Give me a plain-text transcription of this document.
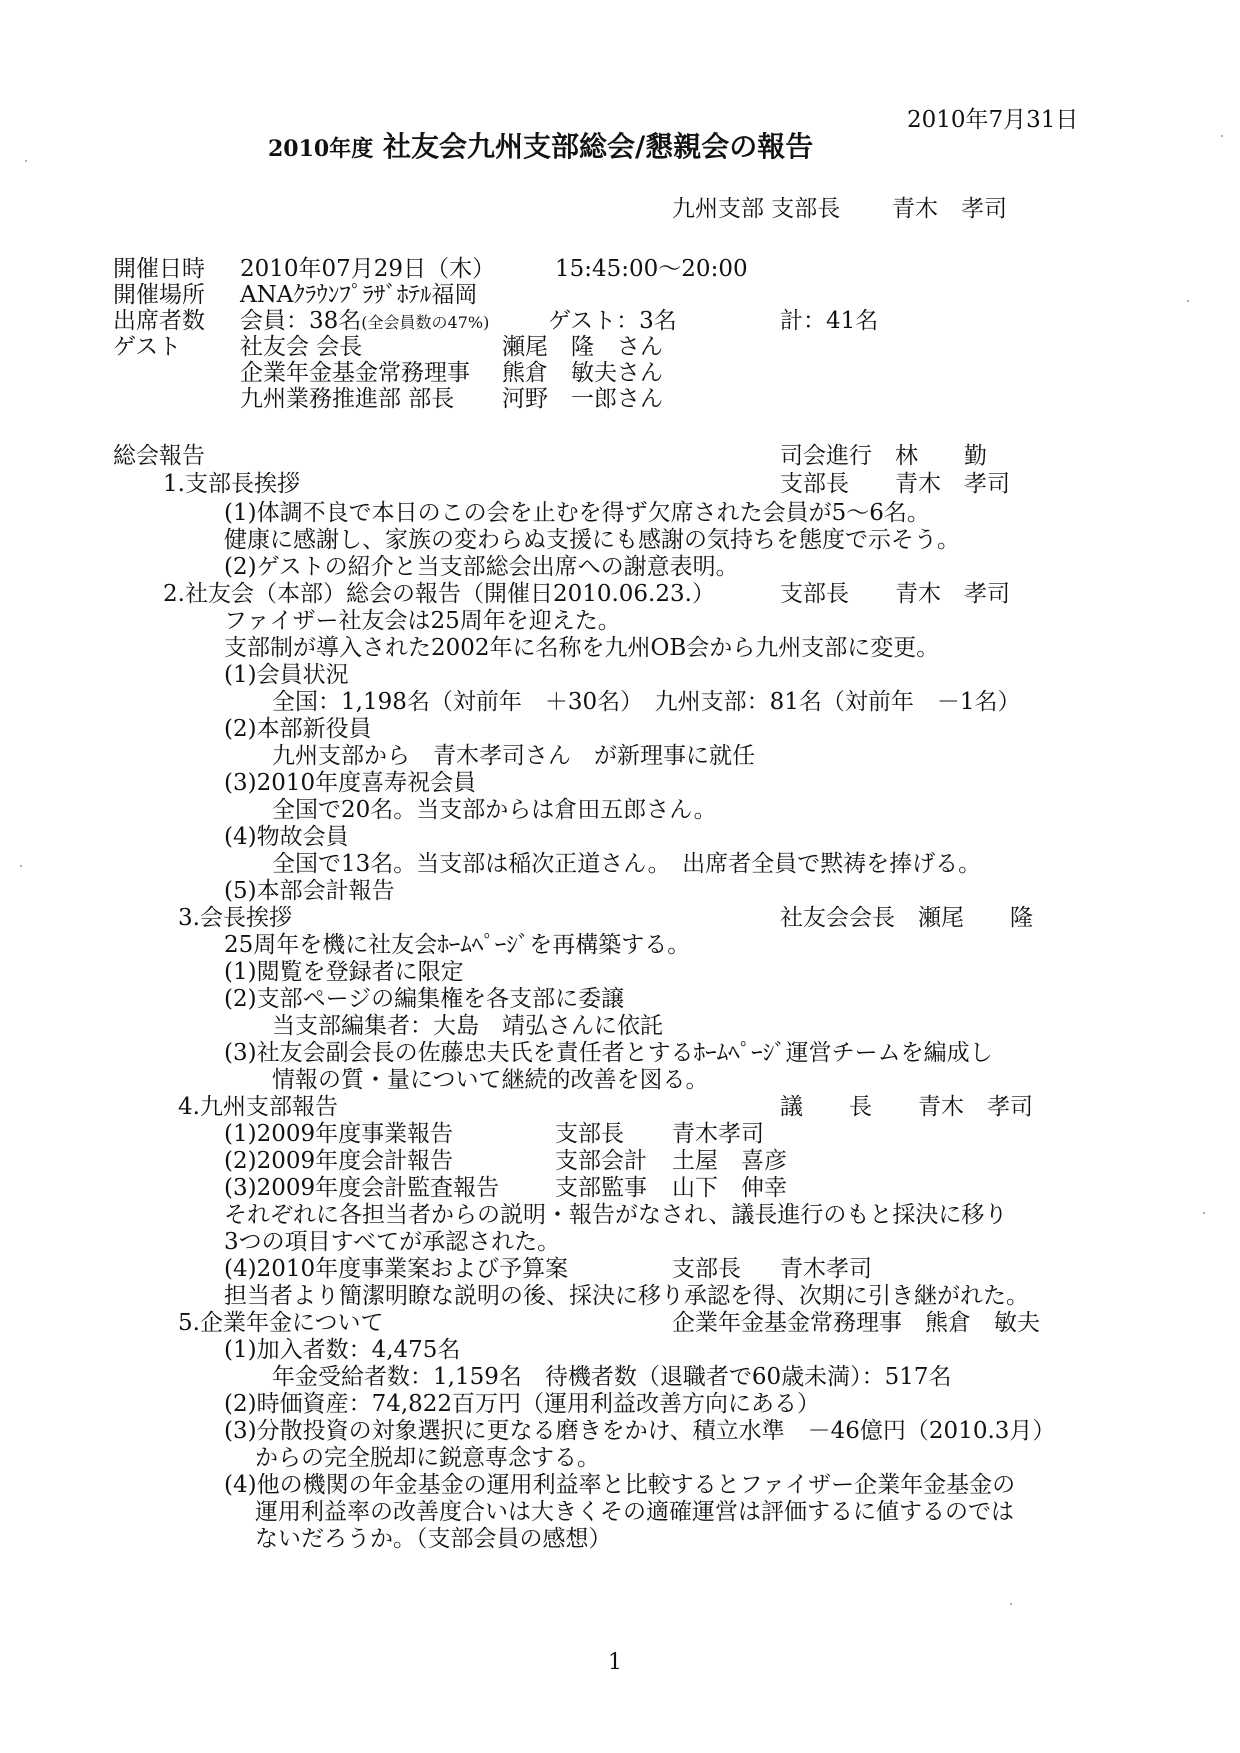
2010年7月31日
2010年度 社友会九州支部総会/懇親会の報告
九州支部 支部長 青木　孝司
開催日時 2010年07月29日（木）	15:45:00～20:00
開催場所 ANAｸﾗｳﾝﾌﾟﾗｻﾞﾎﾃﾙ福岡
出席者数 会員：38名(全会員数の47%)	ゲスト：3名	計：41名
ゲスト	社友会 会長	瀬尾　隆　さん
企業年金基金常務理事 熊倉　敏夫さん
九州業務推進部 部長 河野　一郎さん
総会報告	司会進行　林　　勤
1.支部長挨拶	支部長　　青木　孝司
(1)体調不良で本日のこの会を止むを得ず欠席された会員が5～6名。
健康に感謝し、家族の変わらぬ支援にも感謝の気持ちを態度で示そう。
(2)ゲストの紹介と当支部総会出席への謝意表明。
2.社友会（本部）総会の報告（開催日2010.06.23.）	支部長　　青木　孝司
ファイザー社友会は25周年を迎えた。
支部制が導入された2002年に名称を九州OB会から九州支部に変更。
(1)会員状況
全国：1,198名（対前年　＋30名）　九州支部：81名（対前年　－1名）
(2)本部新役員
九州支部から　青木孝司さん　が新理事に就任
(3)2010年度喜寿祝会員
全国で20名。当支部からは倉田五郎さん。
(4)物故会員
全国で13名。当支部は稲次正道さん。　出席者全員で黙祷を捧げる。
(5)本部会計報告
3.会長挨拶	社友会会長　瀬尾　　隆
25周年を機に社友会ﾎｰﾑﾍﾟｰｼﾞを再構築する。
(1)閲覧を登録者に限定
(2)支部ページの編集権を各支部に委譲
当支部編集者：大島　靖弘さんに依託
(3)社友会副会長の佐藤忠夫氏を責任者とするﾎｰﾑﾍﾟｰｼﾞ運営チームを編成し
情報の質・量について継続的改善を図る。
4.九州支部報告	議　　長　　青木　孝司
(1)2009年度事業報告	支部長 青木孝司
(2)2009年度会計報告	支部会計 土屋　喜彦
(3)2009年度会計監査報告 支部監事 山下　伸幸
それぞれに各担当者からの説明・報告がなされ、議長進行のもと採決に移り
3つの項目すべてが承認された。
(4)2010年度事業案および予算案	支部長 青木孝司
担当者より簡潔明瞭な説明の後、採決に移り承認を得、次期に引き継がれた。
5.企業年金について	企業年金基金常務理事　熊倉　敏夫
(1)加入者数：4,475名
年金受給者数：1,159名　待機者数（退職者で60歳未満）：517名
(2)時価資産：74,822百万円（運用利益改善方向にある）
(3)分散投資の対象選択に更なる磨きをかけ、積立水準　－46億円（2010.3月）
からの完全脱却に鋭意専念する。
(4)他の機関の年金基金の運用利益率と比較するとファイザー企業年金基金の
運用利益率の改善度合いは大きくその適確運営は評価するに値するのでは
ないだろうか。（支部会員の感想）
1
